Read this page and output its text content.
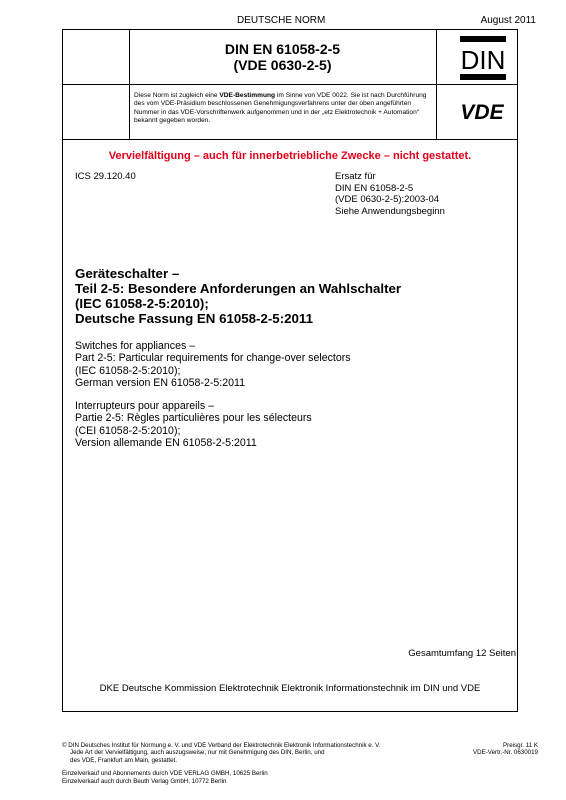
DEUTSCHE NORM	August 2011
DIN EN 61058-2-5
(VDE 0630-2-5)	DIN
VDE
Diese Norm ist zugleich eine VDE-Bestimmung im Sinne von VDE 0022. Sie ist nach Durchführung des vom VDE-Präsidium beschlossenen Genehmigungsverfahrens unter der oben angeführten Nummer in das VDE-Vorschriftenwerk aufgenommen und in der „etz Elektrotechnik + Automation“ bekannt gegeben worden.
Vervielfältigung – auch für innerbetriebliche Zwecke – nicht gestattet.
ICS 29.120.40	Ersatz für
DIN EN 61058-2-5
(VDE 0630-2-5):2003-04
Siehe Anwendungsbeginn
Geräteschalter –
Teil 2-5: Besondere Anforderungen an Wahlschalter
(IEC 61058-2-5:2010);
Deutsche Fassung EN 61058-2-5:2011
Switches for appliances –
Part 2-5: Particular requirements for change-over selectors
(IEC 61058-2-5:2010);
German version EN 61058-2-5:2011
Interrupteurs pour appareils –
Partie 2-5: Règles particulières pour les sélecteurs
(CEI 61058-2-5:2010);
Version allemande EN 61058-2-5:2011
Gesamtumfang 12 Seiten
DKE Deutsche Kommission Elektrotechnik Elektronik Informationstechnik im DIN und VDE
© DIN Deutsches Institut für Normung e. V. und VDE Verband der Elektrotechnik Elektronik Informationstechnik e. V.
Jede Art der Vervielfältigung, auch auszugsweise, nur mit Genehmigung des DIN, Berlin, und
des VDE, Frankfurt am Main, gestattet.
Preisgr. 11 K
VDE-Vertr.-Nr. 0630019
Einzelverkauf und Abonnements durch VDE VERLAG GMBH, 10625 Berlin
Einzelverkauf auch durch Beuth Verlag GmbH, 10772 Berlin
